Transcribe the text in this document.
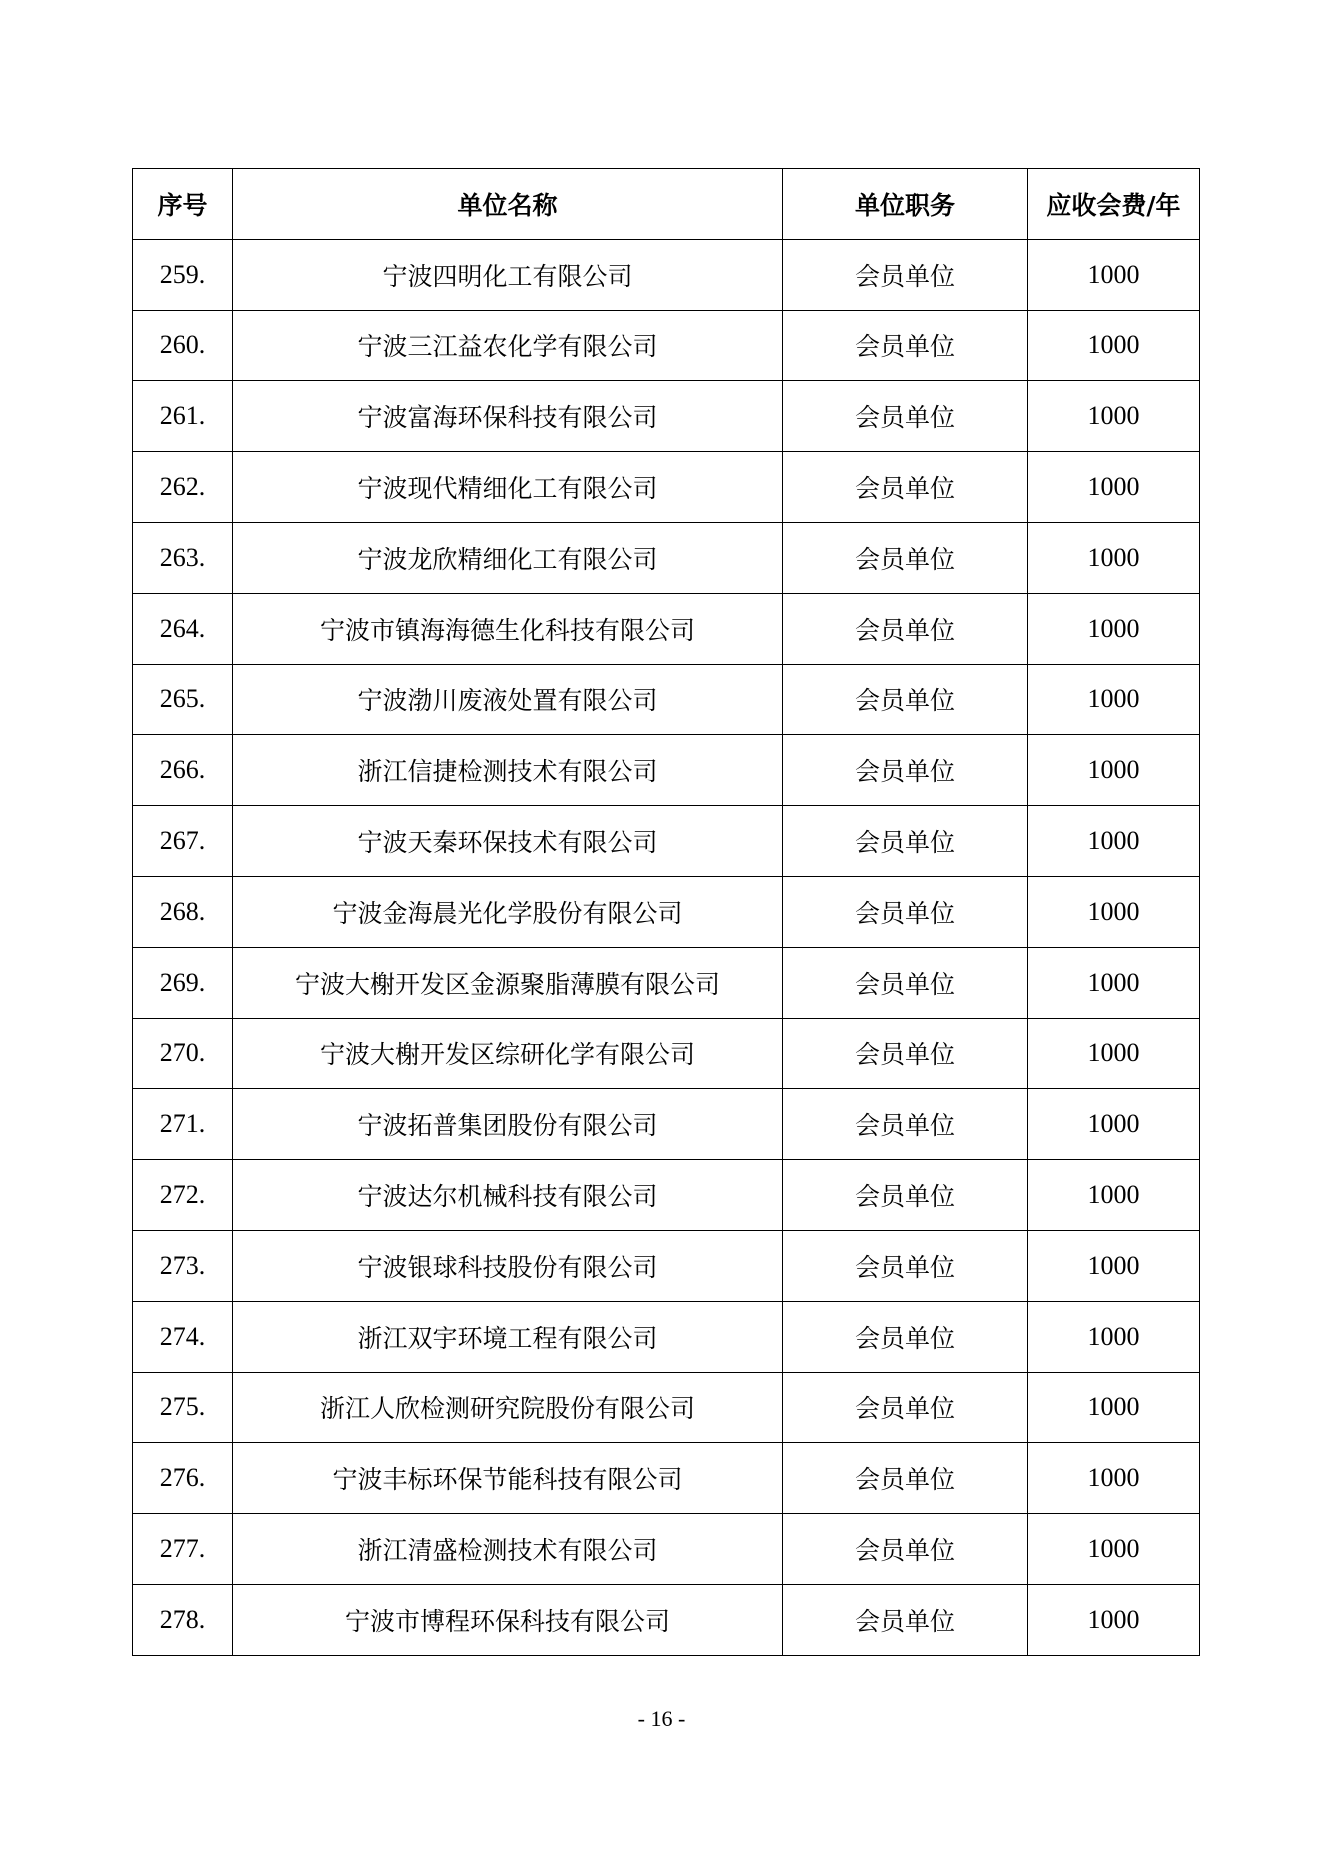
序号	单位名称	单位职务	应收会费/年
259.	宁波四明化工有限公司	会员单位	1000
260.	宁波三江益农化学有限公司	会员单位	1000
261.	宁波富海环保科技有限公司	会员单位	1000
262.	宁波现代精细化工有限公司	会员单位	1000
263.	宁波龙欣精细化工有限公司	会员单位	1000
264.	宁波市镇海海德生化科技有限公司	会员单位	1000
265.	宁波渤川废液处置有限公司	会员单位	1000
266.	浙江信捷检测技术有限公司	会员单位	1000
267.	宁波天秦环保技术有限公司	会员单位	1000
268.	宁波金海晨光化学股份有限公司	会员单位	1000
269.	宁波大榭开发区金源聚脂薄膜有限公司	会员单位	1000
270.	宁波大榭开发区综研化学有限公司	会员单位	1000
271.	宁波拓普集团股份有限公司	会员单位	1000
272.	宁波达尔机械科技有限公司	会员单位	1000
273.	宁波银球科技股份有限公司	会员单位	1000
274.	浙江双宇环境工程有限公司	会员单位	1000
275.	浙江人欣检测研究院股份有限公司	会员单位	1000
276.	宁波丰标环保节能科技有限公司	会员单位	1000
277.	浙江清盛检测技术有限公司	会员单位	1000
278.	宁波市博程环保科技有限公司	会员单位	1000
- 16 -
